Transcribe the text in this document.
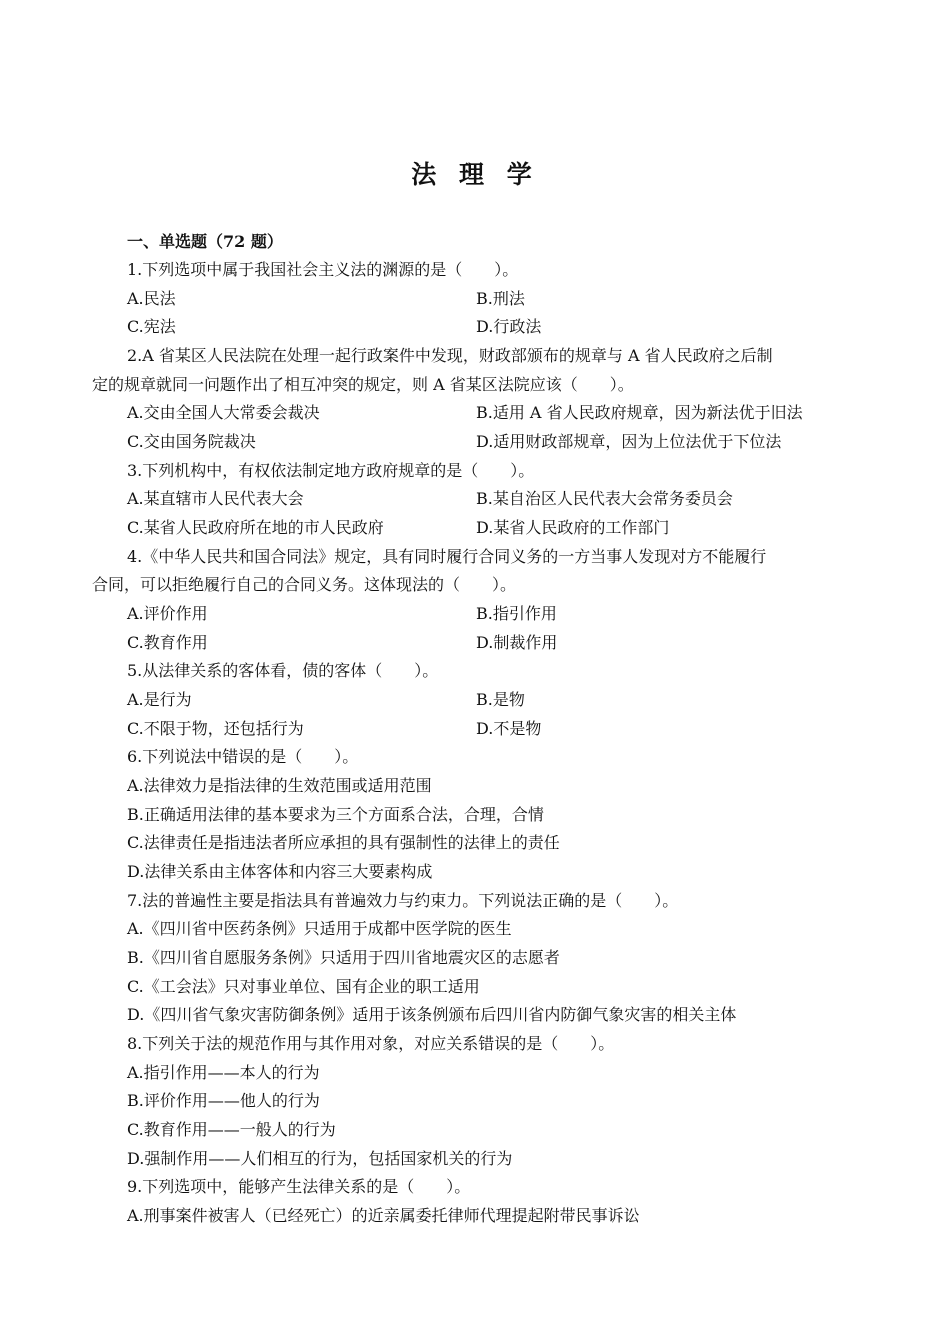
法 理 学
一、单选题（72 题）
1.下列选项中属于我国社会主义法的渊源的是（　　）。
A.民法	B.刑法
C.宪法	D.行政法
2.A 省某区人民法院在处理一起行政案件中发现，财政部颁布的规章与 A 省人民政府之后制
定的规章就同一问题作出了相互冲突的规定，则 A 省某区法院应该（　　）。
A.交由全国人大常委会裁决	B.适用 A 省人民政府规章，因为新法优于旧法
C.交由国务院裁决	D.适用财政部规章，因为上位法优于下位法
3.下列机构中，有权依法制定地方政府规章的是（　　）。
A.某直辖市人民代表大会	B.某自治区人民代表大会常务委员会
C.某省人民政府所在地的市人民政府	D.某省人民政府的工作部门
4.《中华人民共和国合同法》规定，具有同时履行合同义务的一方当事人发现对方不能履行
合同，可以拒绝履行自己的合同义务。这体现法的（　　）。
A.评价作用	B.指引作用
C.教育作用	D.制裁作用
5.从法律关系的客体看，债的客体（　　）。
A.是行为	B.是物
C.不限于物，还包括行为	D.不是物
6.下列说法中错误的是（　　）。
A.法律效力是指法律的生效范围或适用范围
B.正确适用法律的基本要求为三个方面系合法，合理，合情
C.法律责任是指违法者所应承担的具有强制性的法律上的责任
D.法律关系由主体客体和内容三大要素构成
7.法的普遍性主要是指法具有普遍效力与约束力。下列说法正确的是（　　）。
A.《四川省中医药条例》只适用于成都中医学院的医生
B.《四川省自愿服务条例》只适用于四川省地震灾区的志愿者
C.《工会法》只对事业单位、国有企业的职工适用
D.《四川省气象灾害防御条例》适用于该条例颁布后四川省内防御气象灾害的相关主体
8.下列关于法的规范作用与其作用对象，对应关系错误的是（　　）。
A.指引作用——本人的行为
B.评价作用——他人的行为
C.教育作用——一般人的行为
D.强制作用——人们相互的行为，包括国家机关的行为
9.下列选项中，能够产生法律关系的是（　　）。
A.刑事案件被害人（已经死亡）的近亲属委托律师代理提起附带民事诉讼
